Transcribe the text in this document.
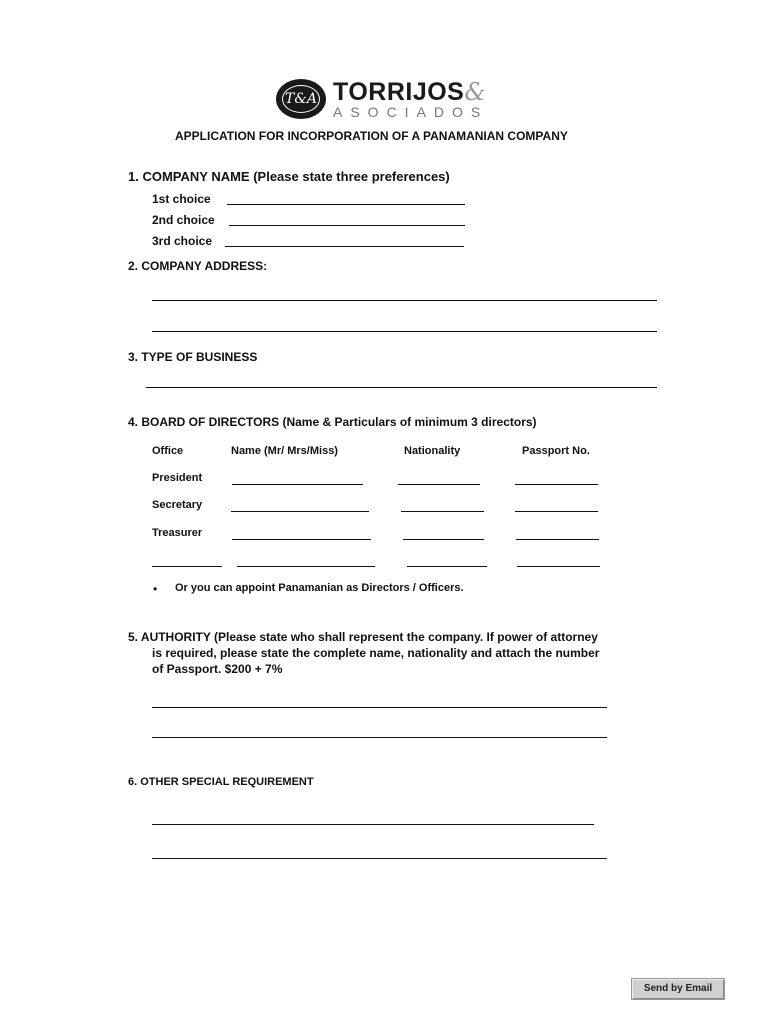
T&A TORRIJOS&
ASOCIADOS
APPLICATION FOR INCORPORATION OF A PANAMANIAN COMPANY
1. COMPANY NAME (Please state three preferences)
1st choice
2nd choice
3rd choice
2. COMPANY ADDRESS:
3. TYPE OF BUSINESS
4. BOARD OF DIRECTORS (Name & Particulars of minimum 3 directors)
Office	Name (Mr/ Mrs/Miss)	Nationality	Passport No.
President
Secretary
Treasurer
• Or you can appoint Panamanian as Directors / Officers.
5. AUTHORITY (Please state who shall represent the company. If power of attorney
is required, please state the complete name, nationality and attach the number
of Passport. $200 + 7%
6. OTHER SPECIAL REQUIREMENT
Send by Email
